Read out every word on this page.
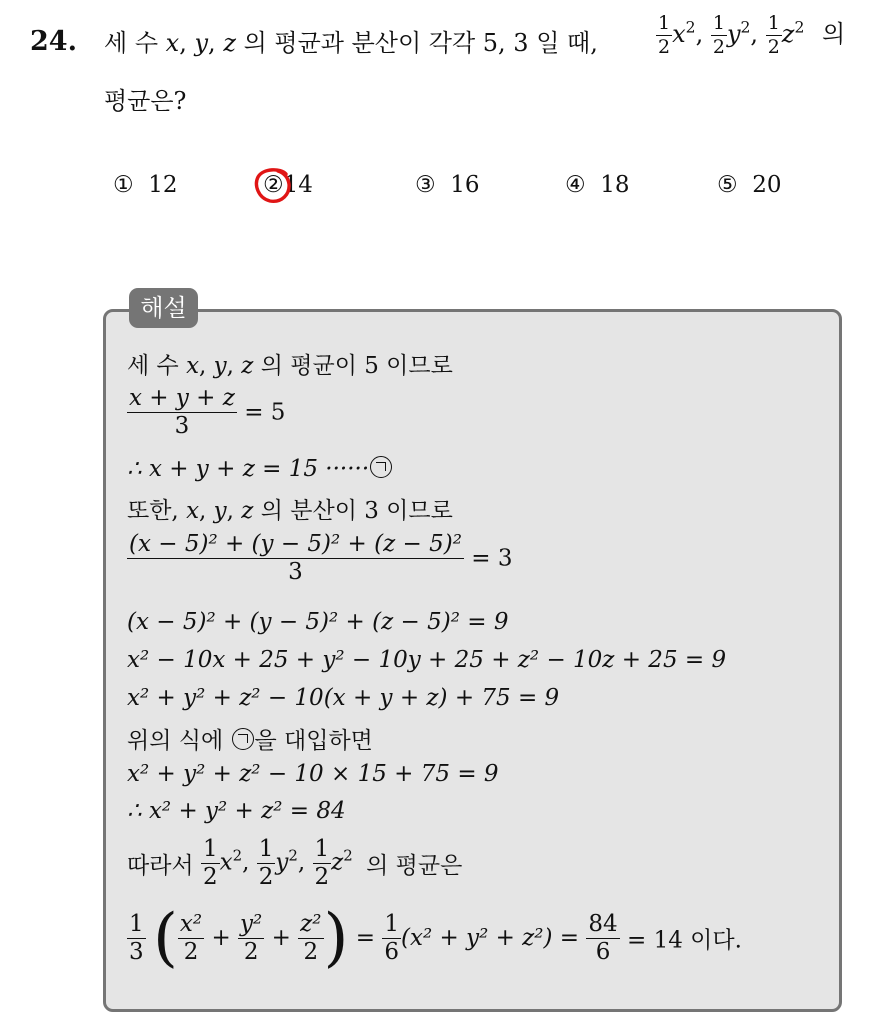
24. 세 수 x, y, z 의 평균과 분산이 각각 5, 3 일 때,	$\frac{1}{2} x^2$, $\frac{1}{2} y^2$, $\frac{1}{2} z^2$ 의
평균은?
① 12	②14	③ 16	④ 18	⑤ 20
해설
세 수 x, y, z 의 평균이 5 이므로
$\frac{x + y + z}{3} = 5$
∴ x + y + z = 15 ······
또한, x, y, z 의 분산이 3 이므로
$\frac{\text{(x − 5)² + (y − 5)² + (z − 5)²}}{3} = 3$
(x − 5)² + (y − 5)² + (z − 5)² = 9
x² − 10x + 25 + y² − 10y + 25 + z² − 10z + 25 = 9
x² + y² + z² − 10(x + y + z) + 75 = 9
위의 식에 을 대입하면
x² + y² + z² − 10 × 15 + 75 = 9
∴ x² + y² + z² = 84
따라서 $\frac{1}{2} x^2$, $\frac{1}{2} y^2$, $\frac{1}{2} z^2$ 의 평균은
$\frac{1}{3}$ ( $\frac{\text{x²}}{2} + \frac{\text{y²}}{2} + \frac{\text{z²}}{2}$ ) = $\frac{1}{6} (x^2 + y^2 + z^2) = \frac{84}{6} = 14$ 이다.
